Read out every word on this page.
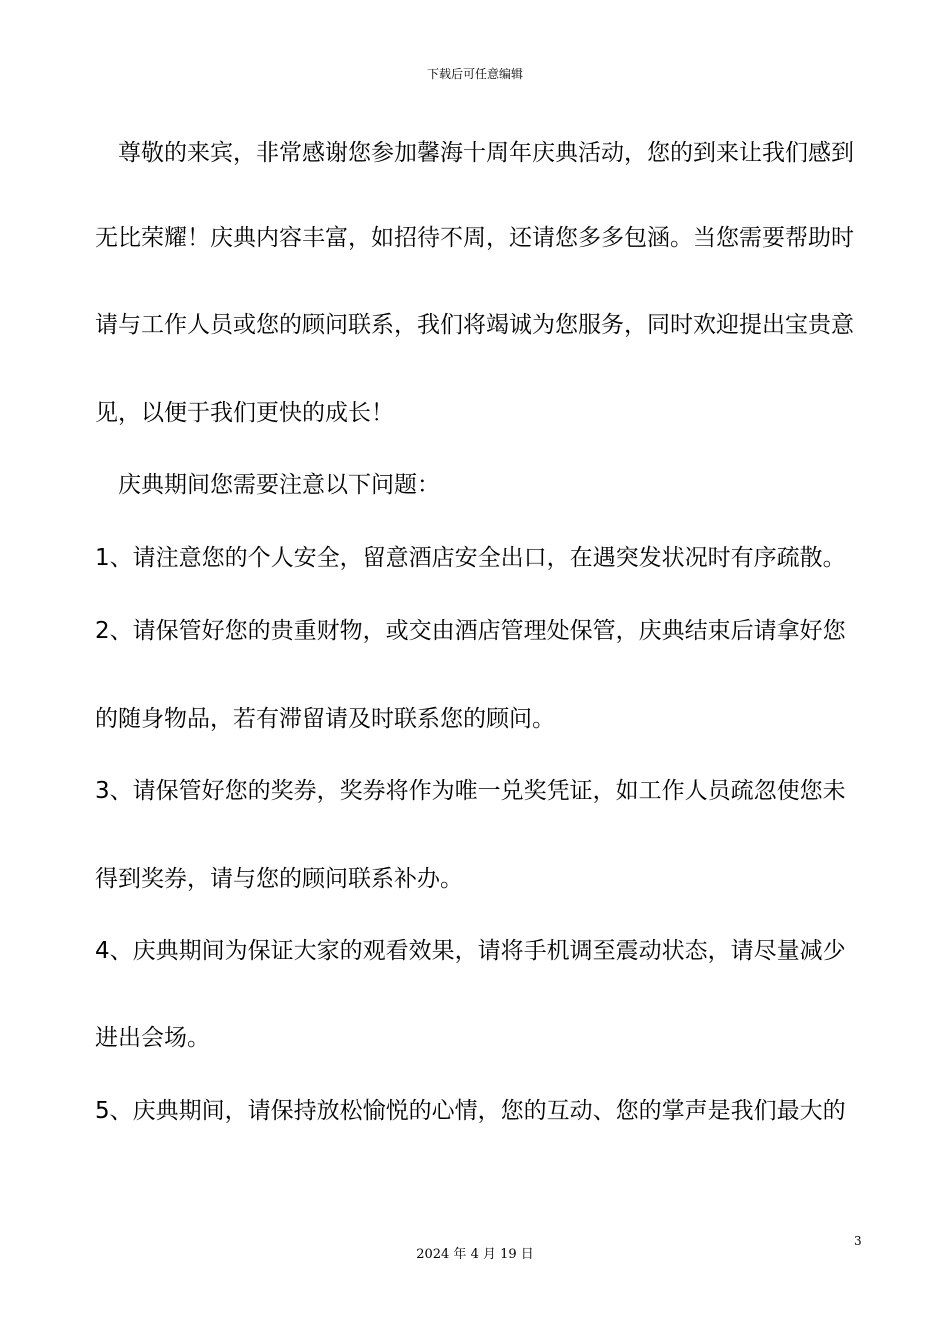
下载后可任意编辑
　尊敬的来宾，非常感谢您参加馨海十周年庆典活动，您的到来让我们感到
无比荣耀！庆典内容丰富，如招待不周，还请您多多包涵。当您需要帮助时
请与工作人员或您的顾问联系，我们将竭诚为您服务，同时欢迎提出宝贵意
见，以便于我们更快的成长！
　庆典期间您需要注意以下问题：
1、请注意您的个人安全，留意酒店安全出口，在遇突发状况时有序疏散。
2、请保管好您的贵重财物，或交由酒店管理处保管，庆典结束后请拿好您
的随身物品，若有滞留请及时联系您的顾问。
3、请保管好您的奖券，奖券将作为唯一兑奖凭证，如工作人员疏忽使您未
得到奖券，请与您的顾问联系补办。
4、庆典期间为保证大家的观看效果，请将手机调至震动状态，请尽量减少
进出会场。
5、庆典期间，请保持放松愉悦的心情，您的互动、您的掌声是我们最大的
3
2024 年 4 月 19 日
